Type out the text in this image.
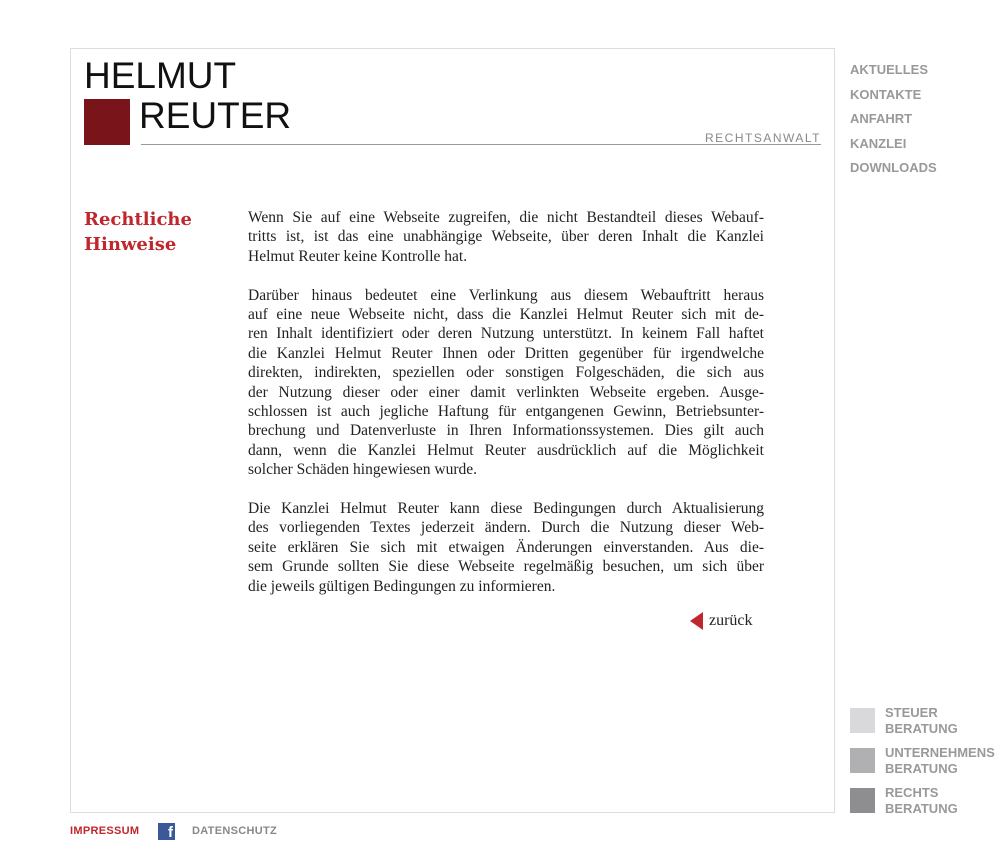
HELMUT
REUTER
RECHTSANWALT
AKTUELLES
KONTAKTE
ANFAHRT
KANZLEI
DOWNLOADS
Rechtliche
Hinweise
Wenn Sie auf eine Webseite zugreifen, die nicht Bestandteil dieses Webauf-
tritts ist, ist das eine unabhängige Webseite, über deren Inhalt die Kanzlei
Helmut Reuter keine Kontrolle hat.
Darüber hinaus bedeutet eine Verlinkung aus diesem Webauftritt heraus
auf eine neue Webseite nicht, dass die Kanzlei Helmut Reuter sich mit de-
ren Inhalt identifiziert oder deren Nutzung unterstützt. In keinem Fall haftet
die Kanzlei Helmut Reuter Ihnen oder Dritten gegenüber für irgendwelche
direkten, indirekten, speziellen oder sonstigen Folgeschäden, die sich aus
der Nutzung dieser oder einer damit verlinkten Webseite ergeben. Ausge-
schlossen ist auch jegliche Haftung für entgangenen Gewinn, Betriebsunter-
brechung und Datenverluste in Ihren Informationssystemen. Dies gilt auch
dann, wenn die Kanzlei Helmut Reuter ausdrücklich auf die Möglichkeit
solcher Schäden hingewiesen wurde.
Die Kanzlei Helmut Reuter kann diese Bedingungen durch Aktualisierung
des vorliegenden Textes jederzeit ändern. Durch die Nutzung dieser Web-
seite erklären Sie sich mit etwaigen Änderungen einverstanden. Aus die-
sem Grunde sollten Sie diese Webseite regelmäßig besuchen, um sich über
die jeweils gültigen Bedingungen zu informieren.
zurück
STEUER
BERATUNG
UNTERNEHMENS
BERATUNG
RECHTS
BERATUNG
IMPRESSUM	f DATENSCHUTZ
